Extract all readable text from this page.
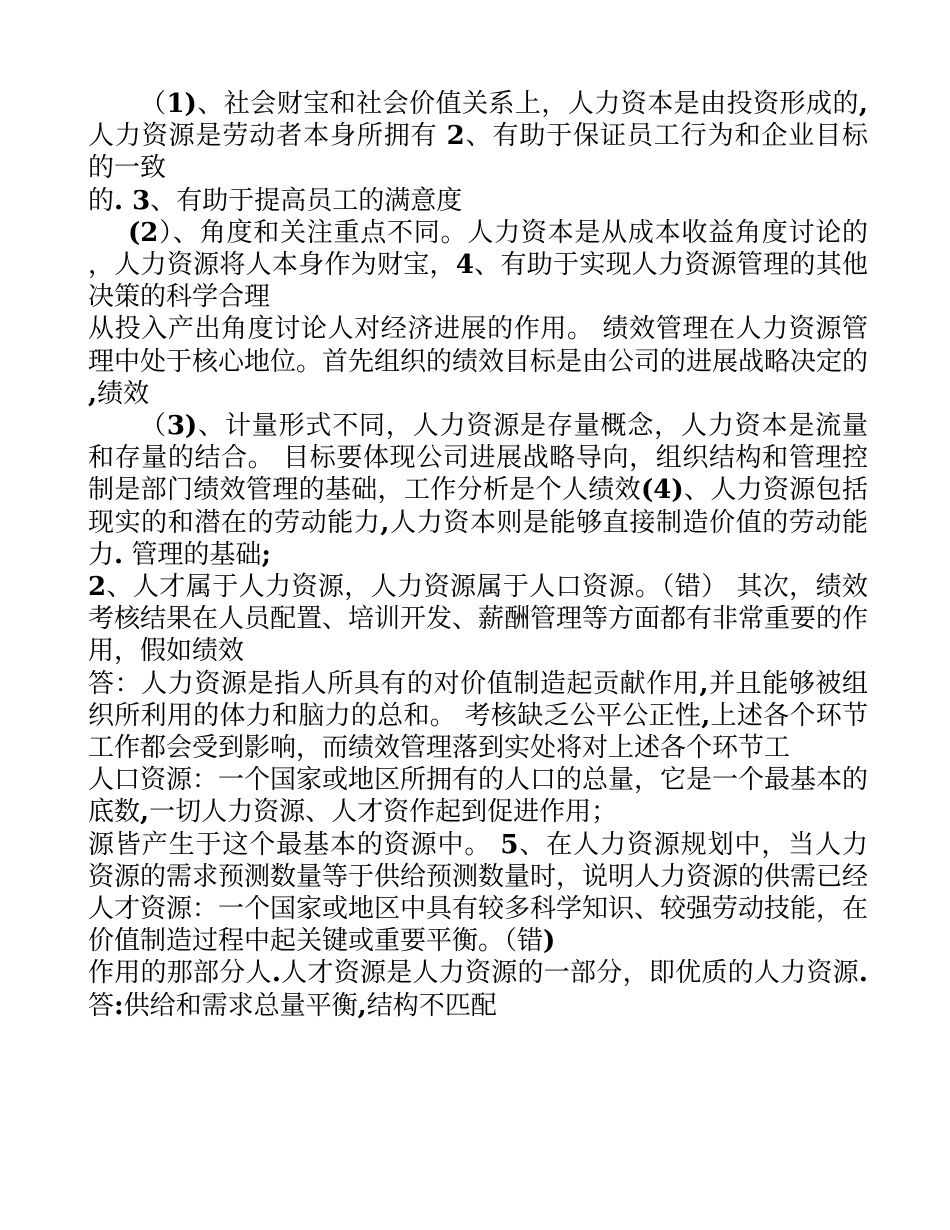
（1)、社会财宝和社会价值关系上，人力资本是由投资形成的,人力资源是劳动者本身所拥有 2、有助于保证员工行为和企业目标的一致

的. 3、有助于提高员工的满意度

(2）、角度和关注重点不同。人力资本是从成本收益角度讨论的，人力资源将人本身作为财宝，4、有助于实现人力资源管理的其他决策的科学合理

从投入产出角度讨论人对经济进展的作用。 绩效管理在人力资源管理中处于核心地位。首先组织的绩效目标是由公司的进展战略决定的,绩效

（3)、计量形式不同，人力资源是存量概念，人力资本是流量和存量的结合。 目标要体现公司进展战略导向，组织结构和管理控制是部门绩效管理的基础，工作分析是个人绩效(4)、人力资源包括现实的和潜在的劳动能力,人力资本则是能够直接制造价值的劳动能力. 管理的基础;

2、人才属于人力资源，人力资源属于人口资源。（错） 其次，绩效考核结果在人员配置、培训开发、薪酬管理等方面都有非常重要的作用，假如绩效

答：人力资源是指人所具有的对价值制造起贡献作用,并且能够被组织所利用的体力和脑力的总和。 考核缺乏公平公正性,上述各个环节工作都会受到影响，而绩效管理落到实处将对上述各个环节工

人口资源：一个国家或地区所拥有的人口的总量，它是一个最基本的底数,一切人力资源、人才资作起到促进作用；

源皆产生于这个最基本的资源中。 5、在人力资源规划中，当人力资源的需求预测数量等于供给预测数量时，说明人力资源的供需已经

人才资源：一个国家或地区中具有较多科学知识、较强劳动技能，在价值制造过程中起关键或重要平衡。（错)

作用的那部分人.人才资源是人力资源的一部分，即优质的人力资源. 答:供给和需求总量平衡,结构不匹配
